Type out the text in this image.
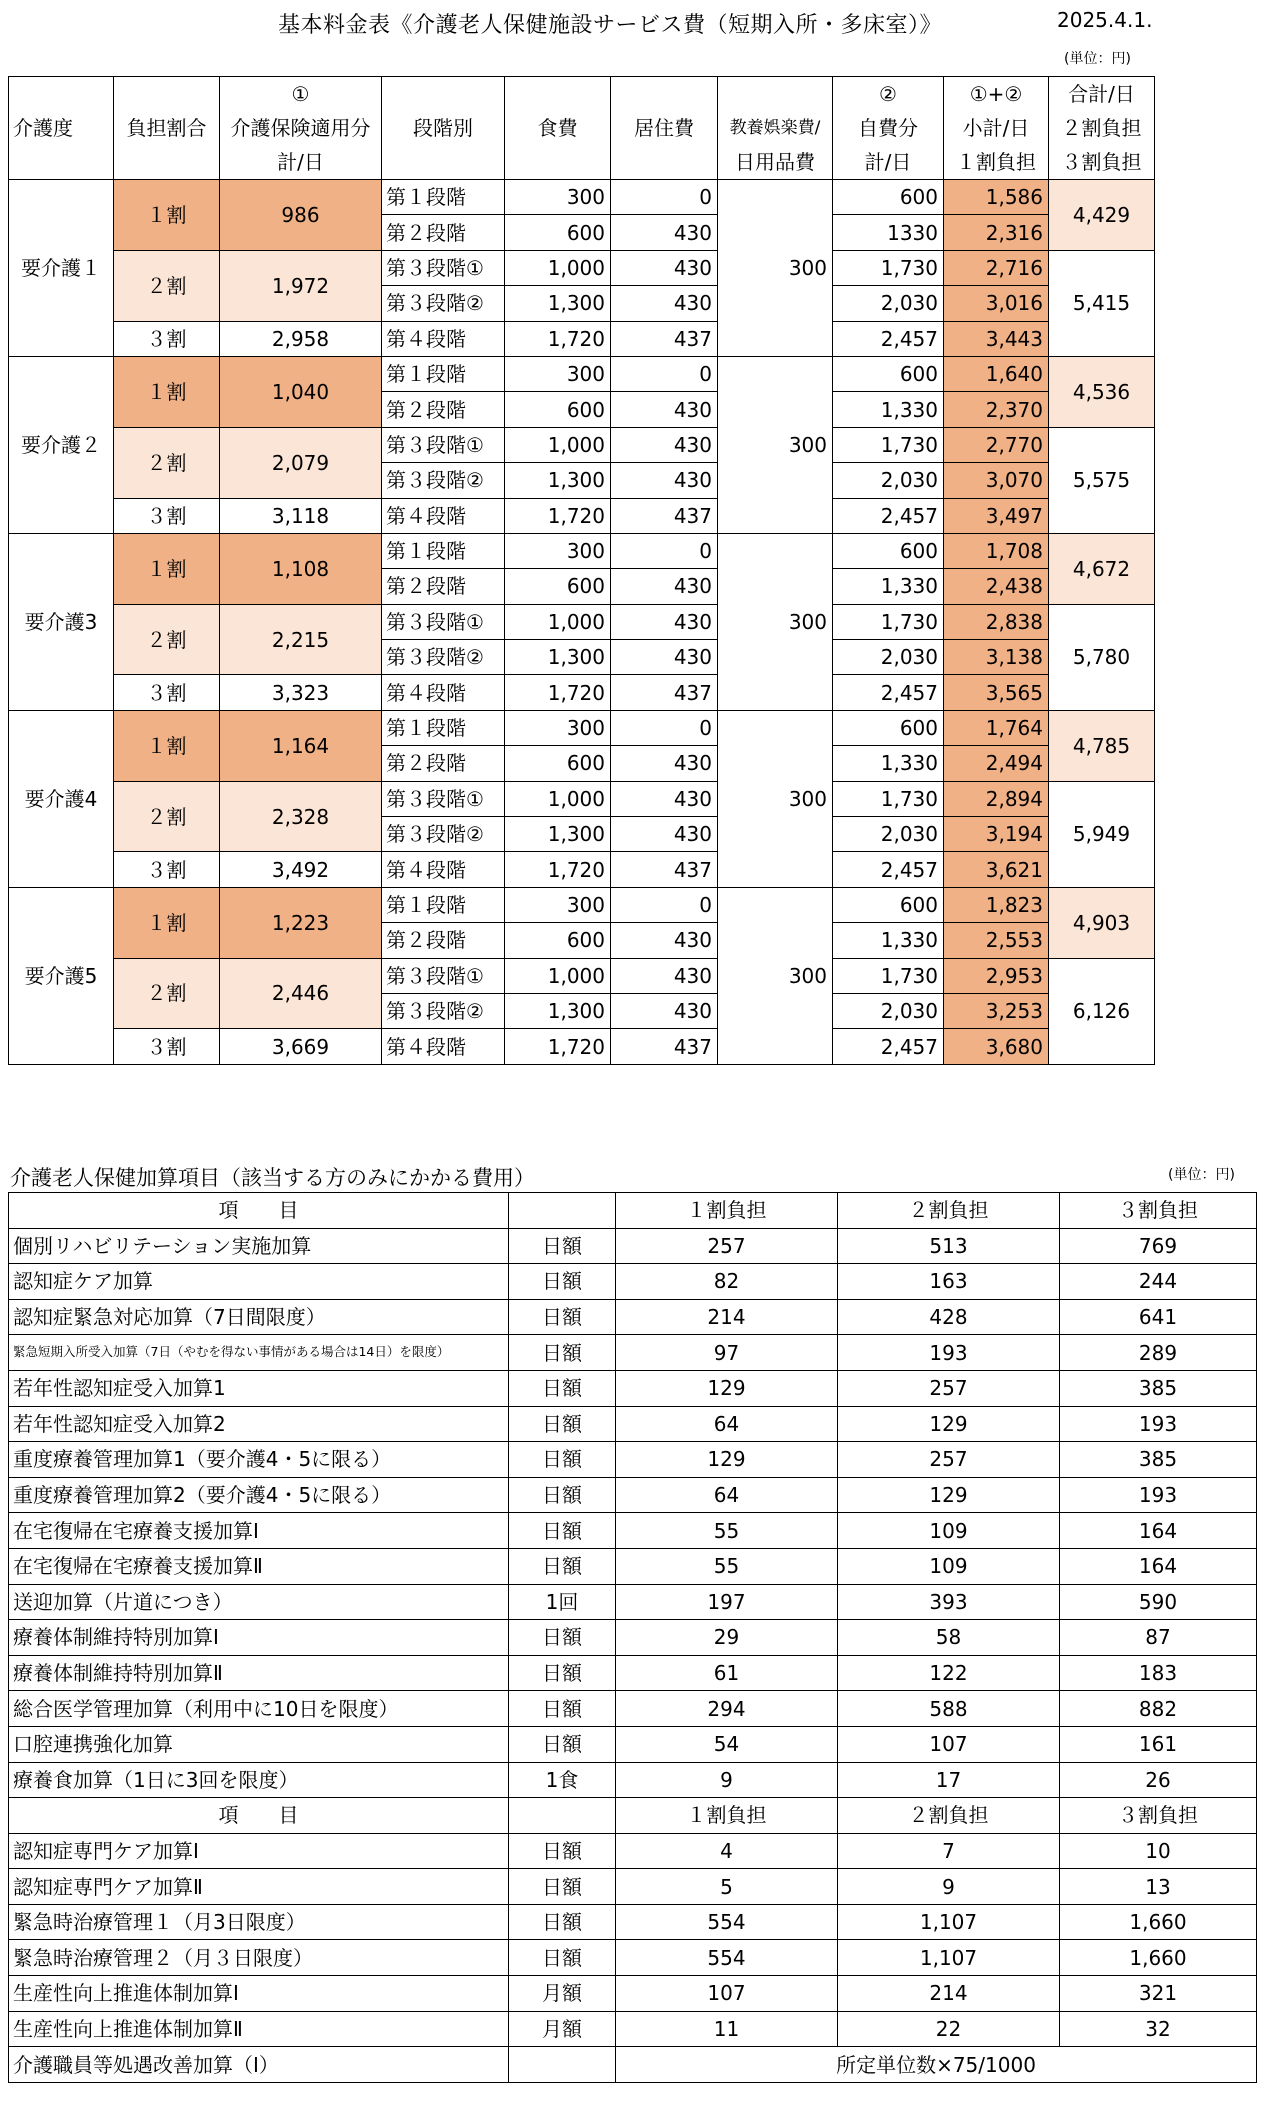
基本料金表《介護老人保健施設サービス費（短期入所・多床室）》	2025.4.1.
(単位：円)
介護度	負担割合	①	段階別	食費	居住費		②	①+②	合計/日
		介護保険適用分				教養娯楽費/	自費分	小計/日	２割負担
		計/日				日用品費	計/日	１割負担	３割負担
要介護１	１割	986	第１段階	300	0	300	600	1,586	4,429
			第２段階	600	430		1330	2,316	
	２割	1,972	第３段階①	1,000	430		1,730	2,716	5,415
			第３段階②	1,300	430		2,030	3,016	
	３割	2,958	第４段階	1,720	437		2,457	3,443	
要介護２	１割	1,040	第１段階	300	0	300	600	1,640	4,536
			第２段階	600	430		1,330	2,370	
	２割	2,079	第３段階①	1,000	430		1,730	2,770	5,575
			第３段階②	1,300	430		2,030	3,070	
	３割	3,118	第４段階	1,720	437		2,457	3,497	
要介護3	１割	1,108	第１段階	300	0	300	600	1,708	4,672
			第２段階	600	430		1,330	2,438	
	２割	2,215	第３段階①	1,000	430		1,730	2,838	5,780
			第３段階②	1,300	430		2,030	3,138	
	３割	3,323	第４段階	1,720	437		2,457	3,565	
要介護4	１割	1,164	第１段階	300	0	300	600	1,764	4,785
			第２段階	600	430		1,330	2,494	
	２割	2,328	第３段階①	1,000	430		1,730	2,894	5,949
			第３段階②	1,300	430		2,030	3,194	
	３割	3,492	第４段階	1,720	437		2,457	3,621	
要介護5	１割	1,223	第１段階	300	0	300	600	1,823	4,903
			第２段階	600	430		1,330	2,553	
	２割	2,446	第３段階①	1,000	430		1,730	2,953	6,126
			第３段階②	1,300	430		2,030	3,253	
	３割	3,669	第４段階	1,720	437		2,457	3,680	
介護老人保健加算項目（該当する方のみにかかる費用）	(単位：円)
項　　目		１割負担	２割負担	３割負担
個別リハビリテーション実施加算	日額	257	513	769
認知症ケア加算	日額	82	163	244
認知症緊急対応加算（7日間限度）	日額	214	428	641
緊急短期入所受入加算（7日（やむを得ない事情がある場合は14日）を限度）	日額	97	193	289
若年性認知症受入加算1	日額	129	257	385
若年性認知症受入加算2	日額	64	129	193
重度療養管理加算1（要介護4・5に限る）	日額	129	257	385
重度療養管理加算2（要介護4・5に限る）	日額	64	129	193
在宅復帰在宅療養支援加算Ⅰ	日額	55	109	164
在宅復帰在宅療養支援加算Ⅱ	日額	55	109	164
送迎加算（片道につき）	1回	197	393	590
療養体制維持特別加算Ⅰ	日額	29	58	87
療養体制維持特別加算Ⅱ	日額	61	122	183
総合医学管理加算（利用中に10日を限度）	日額	294	588	882
口腔連携強化加算	日額	54	107	161
療養食加算（1日に3回を限度）	1食	9	17	26
項　　目		１割負担	２割負担	３割負担
認知症専門ケア加算Ⅰ	日額	4	7	10
認知症専門ケア加算Ⅱ	日額	5	9	13
緊急時治療管理１（月3日限度）	日額	554	1,107	1,660
緊急時治療管理２（月３日限度）	日額	554	1,107	1,660
生産性向上推進体制加算Ⅰ	月額	107	214	321
生産性向上推進体制加算Ⅱ	月額	11	22	32
介護職員等処遇改善加算（Ⅰ）		所定単位数×75/1000		
